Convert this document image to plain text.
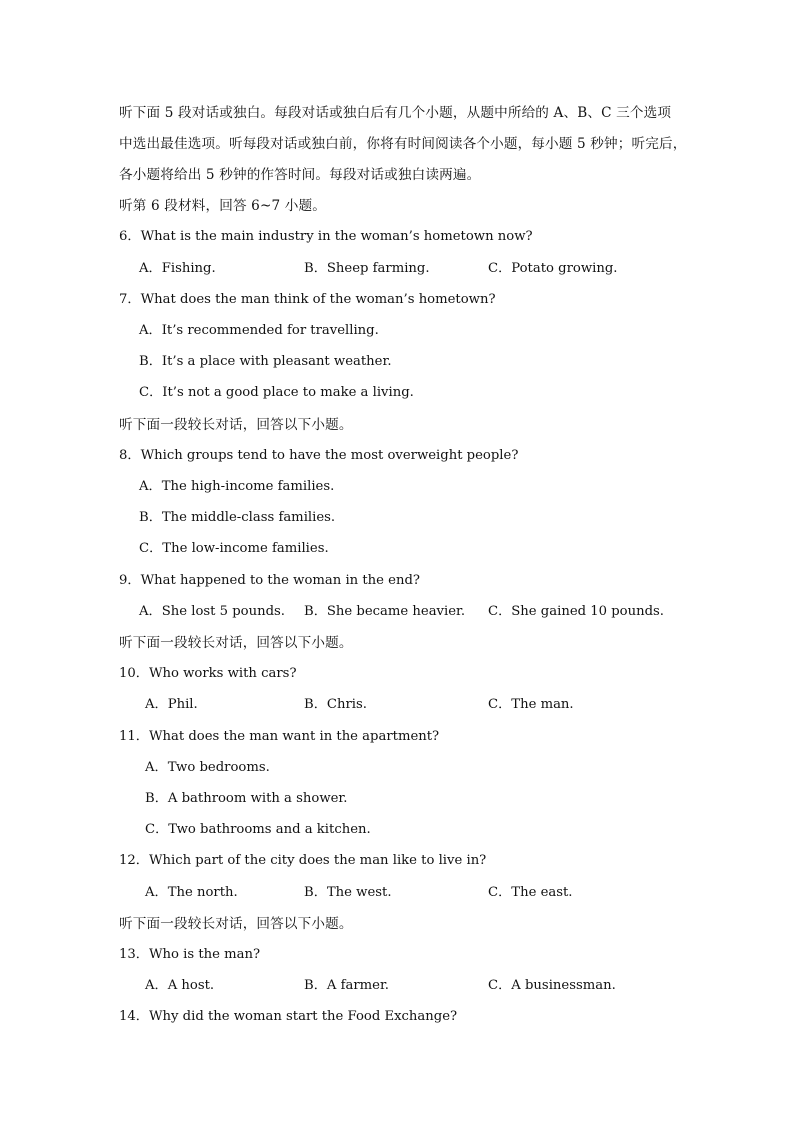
听下面 5 段对话或独白。每段对话或独白后有几个小题，从题中所给的 A、B、C 三个选项
中选出最佳选项。听每段对话或独白前，你将有时间阅读各个小题，每小题 5 秒钟；听完后，
各小题将给出 5 秒钟的作答时间。每段对话或独白读两遍。
听第 6 段材料，回答 6~7 小题。
6．What is the main industry in the woman’s hometown now?
A．Fishing.	B．Sheep farming.	C．Potato growing.
7．What does the man think of the woman’s hometown?
A．It’s recommended for travelling.
B．It’s a place with pleasant weather.
C．It’s not a good place to make a living.
听下面一段较长对话，回答以下小题。
8．Which groups tend to have the most overweight people?
A．The high-income families.
B．The middle-class families.
C．The low-income families.
9．What happened to the woman in the end?
A．She lost 5 pounds. B．She became heavier. C．She gained 10 pounds.
听下面一段较长对话，回答以下小题。
10．Who works with cars?
A．Phil.	B．Chris.	C．The man.
11．What does the man want in the apartment?
A．Two bedrooms.
B．A bathroom with a shower.
C．Two bathrooms and a kitchen.
12．Which part of the city does the man like to live in?
A．The north.	B．The west.	C．The east.
听下面一段较长对话，回答以下小题。
13．Who is the man?
A．A host.	B．A farmer.	C．A businessman.
14．Why did the woman start the Food Exchange?
